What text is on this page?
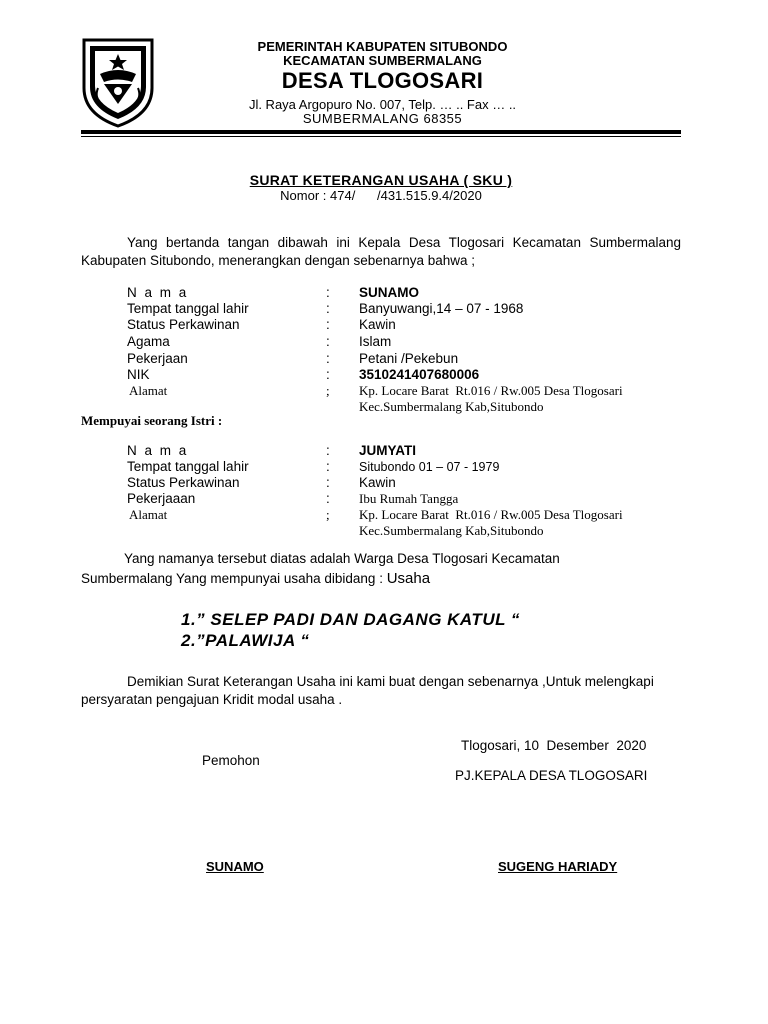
PEMERINTAH KABUPATEN SITUBONDO
KECAMATAN SUMBERMALANG
DESA TLOGOSARI
Jl. Raya Argopuro No. 007, Telp. … .. Fax … ..
SUMBERMALANG 68355
SURAT KETERANGAN USAHA ( SKU )
Nomor : 474/      /431.515.9.4/2020
Yang bertanda tangan dibawah ini Kepala Desa Tlogosari Kecamatan Sumbermalang Kabupaten Situbondo, menerangkan dengan sebenarnya bahwa ;
N a m a	: SUNAMO
Tempat tanggal lahir	: Banyuwangi,14 – 07 - 1968
Status Perkawinan	: Kawin
Agama	: Islam
Pekerjaan	: Petani /Pekebun
NIK	: 3510241407680006
Alamat	; Kp. Locare Barat  Rt.016 / Rw.005 Desa Tlogosari
Kec.Sumbermalang Kab,Situbondo
Mempuyai seorang Istri :
N a m a	: JUMYATI
Tempat tanggal lahir	: Situbondo 01 – 07 - 1979
Status Perkawinan	: Kawin
Pekerjaaan	: Ibu Rumah Tangga
Alamat	; Kp. Locare Barat  Rt.016 / Rw.005 Desa Tlogosari
Kec.Sumbermalang Kab,Situbondo
Yang namanya tersebut diatas adalah Warga Desa Tlogosari Kecamatan
Sumbermalang Yang mempunyai usaha dibidang : Usaha
1.” SELEP PADI DAN DAGANG KATUL “
2.”PALAWIJA “
Demikian Surat Keterangan Usaha ini kami buat dengan sebenarnya ,Untuk melengkapi persyaratan pengajuan Kridit modal usaha .
Tlogosari, 10  Desember  2020
Pemohon
PJ.KEPALA DESA TLOGOSARI
SUNAMO	SUGENG HARIADY
